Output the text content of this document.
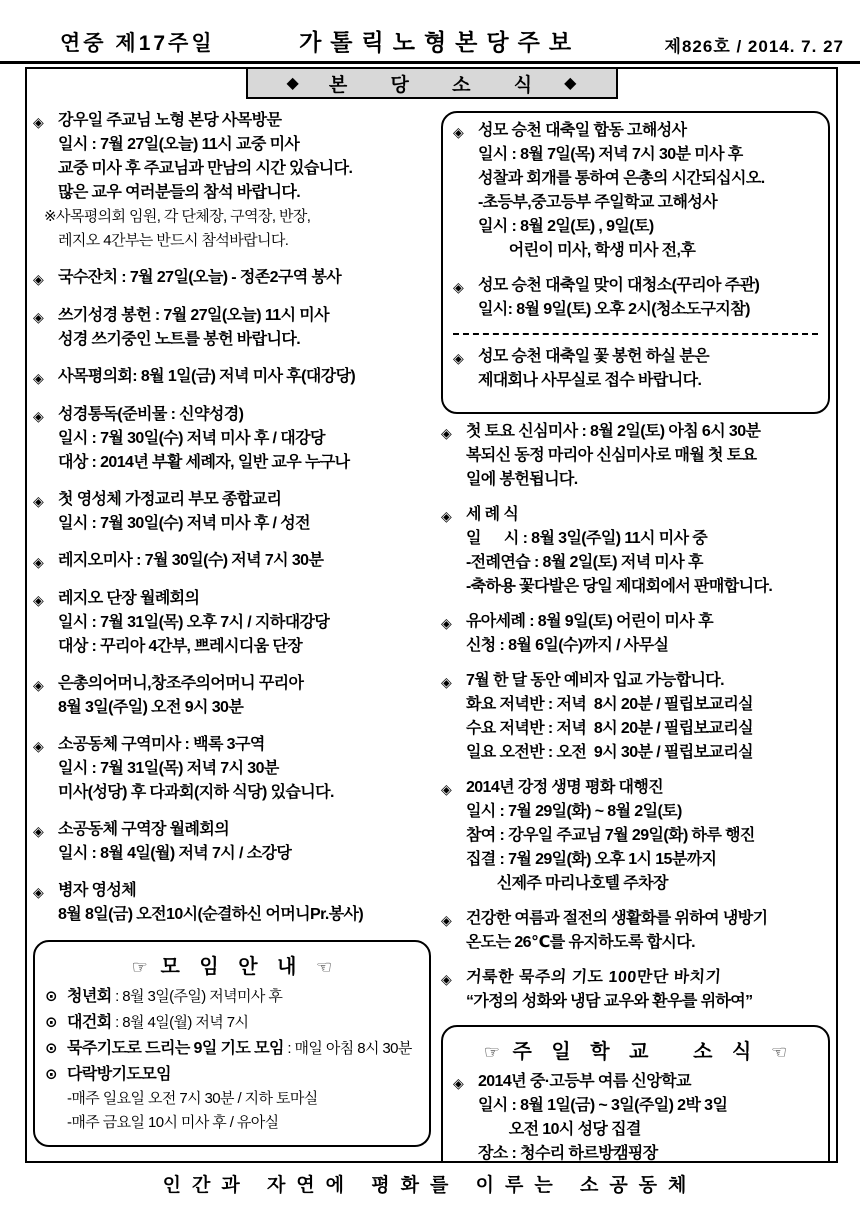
연중 제17주일	가톨릭노형본당주보	제826호 / 2014. 7. 27
◆ 본 당 소 식 ◆
◈ 강우일 주교님 노형 본당 사목방문
일시 : 7월 27일(오늘) 11시 교중 미사
교중 미사 후 주교님과 만남의 시간 있습니다.
많은 교우 여러분들의 참석 바랍니다.
※사목평의회 임원, 각 단체장, 구역장, 반장,
레지오 4간부는 반드시 참석바랍니다.
◈ 국수잔치 : 7월 27일(오늘) - 정존2구역 봉사
◈ 쓰기성경 봉헌 : 7월 27일(오늘) 11시 미사
성경 쓰기중인 노트를 봉헌 바랍니다.
◈ 사목평의회: 8월 1일(금) 저녁 미사 후(대강당)
◈ 성경통독(준비물 : 신약성경)
일시 : 7월 30일(수) 저녁 미사 후 / 대강당
대상 : 2014년 부활 세례자, 일반 교우 누구나
◈ 첫 영성체 가정교리 부모 종합교리
일시 : 7월 30일(수) 저녁 미사 후 / 성전
◈ 레지오미사 : 7월 30일(수) 저녁 7시 30분
◈ 레지오 단장 월례회의
일시 : 7월 31일(목) 오후 7시 / 지하대강당
대상 : 꾸리아 4간부, 쁘레시디움 단장
◈ 은총의어머니,창조주의어머니 꾸리아
8월 3일(주일) 오전 9시 30분
◈ 소공동체 구역미사 : 백록 3구역
일시 : 7월 31일(목) 저녁 7시 30분
미사(성당) 후 다과회(지하 식당) 있습니다.
◈ 소공동체 구역장 월례회의
일시 : 8월 4일(월) 저녁 7시 / 소강당
◈ 병자 영성체
8월 8일(금) 오전10시(순결하신 어머니Pr.봉사)
☞ 모 임 안 내 ☜
⊙ 청년회 : 8월 3일(주일) 저녁미사 후
⊙ 대건회 : 8월 4일(월) 저녁 7시
⊙ 묵주기도로 드리는 9일 기도 모임 : 매일 아침 8시 30분
⊙ 다락방기도모임
-매주 일요일 오전 7시 30분 / 지하 토마실
-매주 금요일 10시 미사 후 / 유아실
◈ 성모 승천 대축일 합동 고해성사
일시 : 8월 7일(목) 저녁 7시 30분 미사 후
성찰과 회개를 통하여 은총의 시간되십시오.
-초등부,중고등부 주일학교 고해성사
일시 : 8월 2일(토) , 9일(토)
어린이 미사, 학생 미사 전,후
◈ 성모 승천 대축일 맞이 대청소(꾸리아 주관)
일시: 8월 9일(토) 오후 2시(청소도구지참)
◈ 성모 승천 대축일 꽃 봉헌 하실 분은
제대회나 사무실로 접수 바랍니다.
◈ 첫 토요 신심미사 : 8월 2일(토) 아침 6시 30분
복되신 동정 마리아 신심미사로 매월 첫 토요
일에 봉헌됩니다.
◈ 세 례 식
일      시 : 8월 3일(주일) 11시 미사 중
-전례연습 : 8월 2일(토) 저녁 미사 후
-축하용 꽃다발은 당일 제대회에서 판매합니다.
◈ 유아세례 : 8월 9일(토) 어린이 미사 후
신청 : 8월 6일(수)까지 / 사무실
◈ 7월 한 달 동안 예비자 입교 가능합니다.
화요 저녁반 : 저녁  8시 20분 / 필립보교리실
수요 저녁반 : 저녁  8시 20분 / 필립보교리실
일요 오전반 : 오전  9시 30분 / 필립보교리실
◈ 2014년 강정 생명 평화 대행진
일시 : 7월 29일(화) ~ 8월 2일(토)
참여 : 강우일 주교님 7월 29일(화) 하루 행진
집결 : 7월 29일(화) 오후 1시 15분까지
신제주 마리나호텔 주차장
◈ 건강한 여름과 절전의 생활화를 위하여 냉방기
온도는 26℃를 유지하도록 합시다.
◈ 거룩한 묵주의 기도 100만단 바치기
“가정의 성화와 냉담 교우와 환우를 위하여”
☞ 주 일 학 교   소 식 ☜
◈ 2014년 중·고등부 여름 신앙학교
일시 : 8월 1일(금) ~ 3일(주일) 2박 3일
오전 10시 성당 집결
장소 : 청수리 하르방캠핑장
인간과 자연에 평화를 이루는 소공동체
